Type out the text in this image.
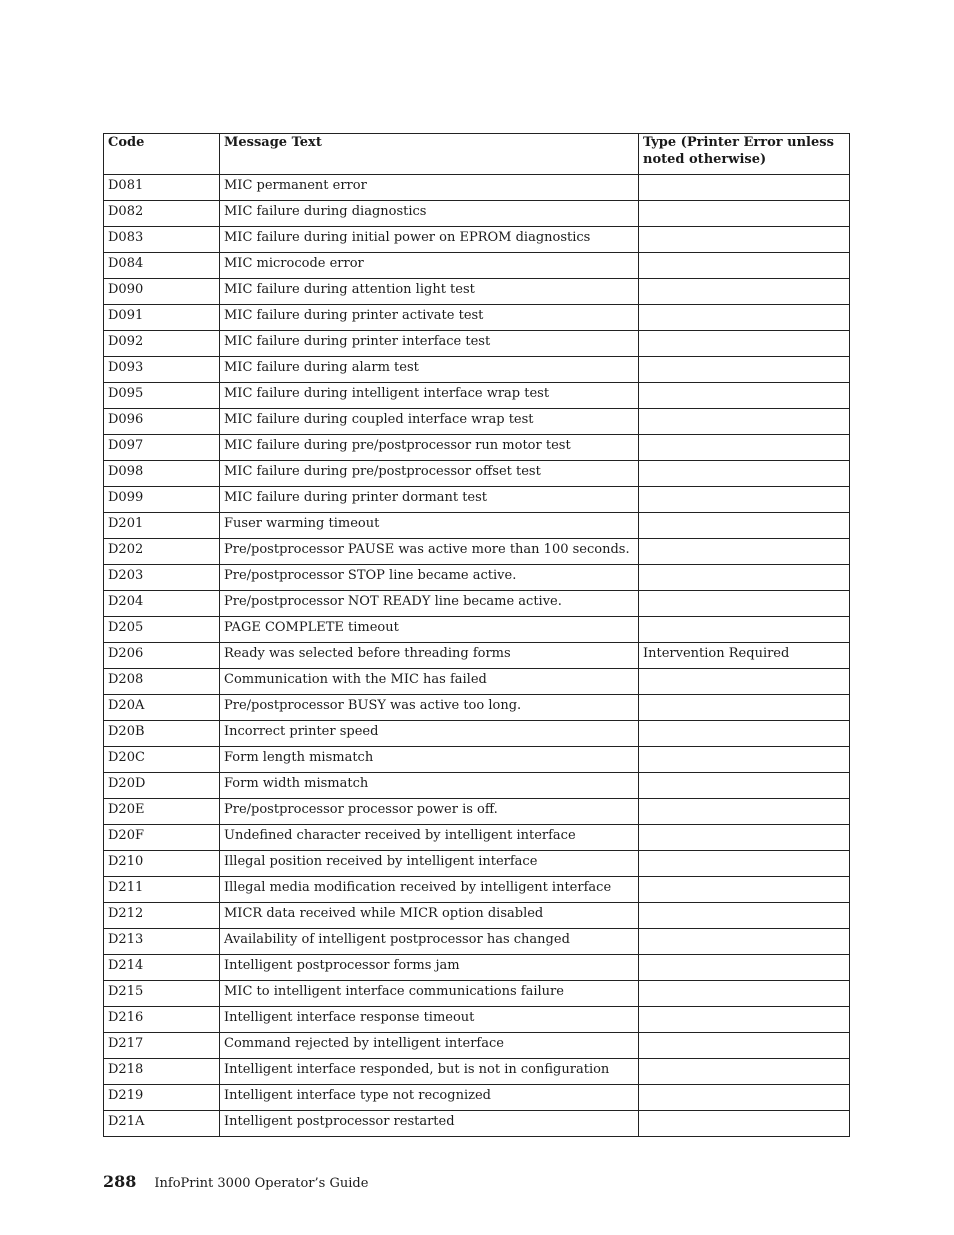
Code	Message Text	Type (Printer Error unless noted otherwise)
D081	MIC permanent error	
D082	MIC failure during diagnostics	
D083	MIC failure during initial power on EPROM diagnostics	
D084	MIC microcode error	
D090	MIC failure during attention light test	
D091	MIC failure during printer activate test	
D092	MIC failure during printer interface test	
D093	MIC failure during alarm test	
D095	MIC failure during intelligent interface wrap test	
D096	MIC failure during coupled interface wrap test	
D097	MIC failure during pre/postprocessor run motor test	
D098	MIC failure during pre/postprocessor offset test	
D099	MIC failure during printer dormant test	
D201	Fuser warming timeout	
D202	Pre/postprocessor PAUSE was active more than 100 seconds.	
D203	Pre/postprocessor STOP line became active.	
D204	Pre/postprocessor NOT READY line became active.	
D205	PAGE COMPLETE timeout	
D206	Ready was selected before threading forms	Intervention Required
D208	Communication with the MIC has failed	
D20A	Pre/postprocessor BUSY was active too long.	
D20B	Incorrect printer speed	
D20C	Form length mismatch	
D20D	Form width mismatch	
D20E	Pre/postprocessor processor power is off.	
D20F	Undefined character received by intelligent interface	
D210	Illegal position received by intelligent interface	
D211	Illegal media modification received by intelligent interface	
D212	MICR data received while MICR option disabled	
D213	Availability of intelligent postprocessor has changed	
D214	Intelligent postprocessor forms jam	
D215	MIC to intelligent interface communications failure	
D216	Intelligent interface response timeout	
D217	Command rejected by intelligent interface	
D218	Intelligent interface responded, but is not in configuration	
D219	Intelligent interface type not recognized	
D21A	Intelligent postprocessor restarted	
288 InfoPrint 3000 Operator’s Guide
